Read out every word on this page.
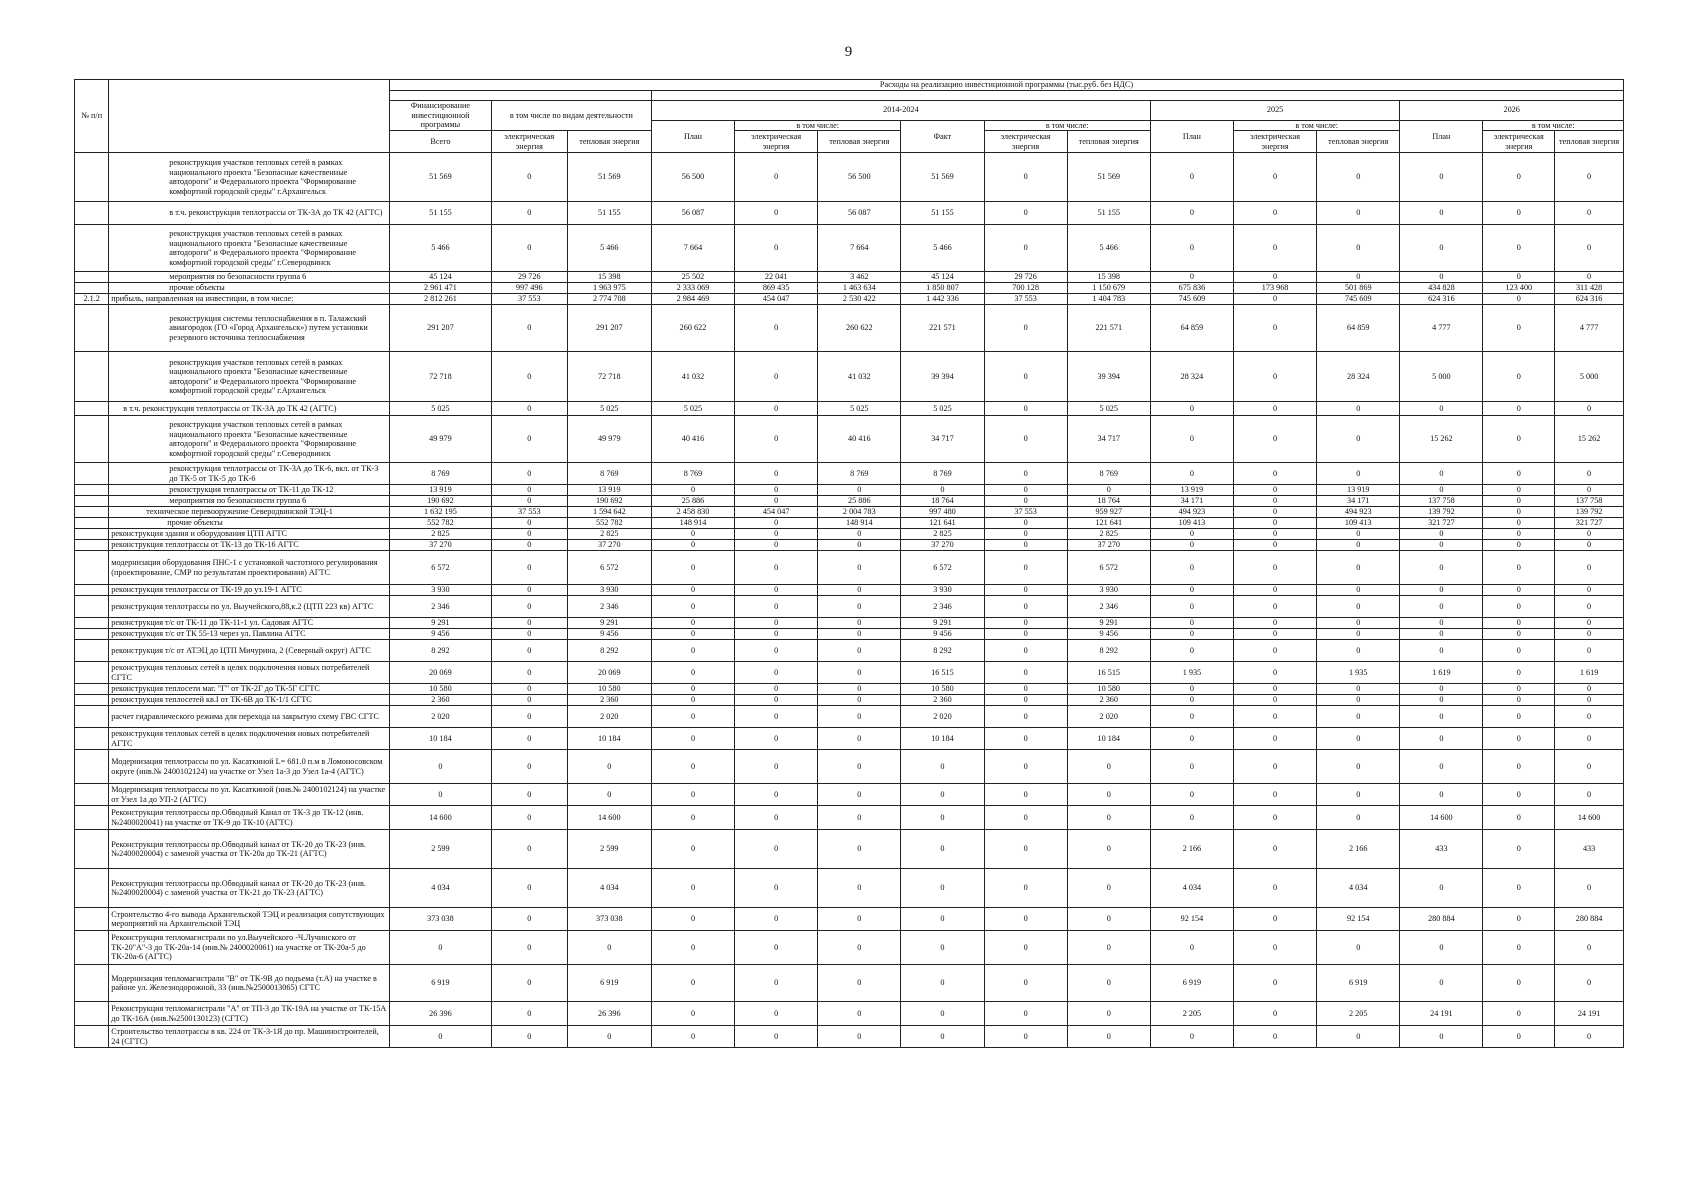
9
№ п/п		Расходы на реализацию инвестиционной программы (тыс.руб. без НДС)														

		Финансирование инвестиционной программы	в том числе по видам деятельности		2014-2024						2025			2026		
					План	в том числе:		Факт	в том числе:		План	в том числе:		План	в том числе:	
		Всего	электрическая энергия	тепловая энергия		электрическая энергия	тепловая энергия		электрическая энергия	тепловая энергия		электрическая энергия	тепловая энергия		электрическая энергия	тепловая энергия
	реконструкция участков тепловых сетей в рамках национального проекта "Безопасные качественные автодороги" и Федерального проекта "Формирование комфортной городской среды" г.Архангельск	51 569	0	51 569	56 500	0	56 500	51 569	0	51 569	0	0	0	0	0	0
	в т.ч. реконструкция теплотрассы от ТК-3А до ТК 42 (АГТС)	51 155	0	51 155	56 087	0	56 087	51 155	0	51 155	0	0	0	0	0	0
	реконструкция участков тепловых сетей в рамках национального проекта "Безопасные качественные автодороги" и Федерального проекта "Формирование комфортной городской среды" г.Северодвинск	5 466	0	5 466	7 664	0	7 664	5 466	0	5 466	0	0	0	0	0	0
	мероприятия по безопасности группа 6	45 124	29 726	15 398	25 502	22 041	3 462	45 124	29 726	15 398	0	0	0	0	0	0
	прочие объекты	2 961 471	997 496	1 963 975	2 333 069	869 435	1 463 634	1 850 807	700 128	1 150 679	675 836	173 968	501 869	434 828	123 400	311 428
2.1.2	прибыль, направленная на инвестиции, в том числе:	2 812 261	37 553	2 774 708	2 984 469	454 047	2 530 422	1 442 336	37 553	1 404 783	745 609	0	745 609	624 316	0	624 316
	реконструкция системы теплоснабжения в п. Талажский авиагородок (ГО «Город Архангельск») путем установки резервного источника теплоснабжения	291 207	0	291 207	260 622	0	260 622	221 571	0	221 571	64 859	0	64 859	4 777	0	4 777
	реконструкция участков тепловых сетей в рамках национального проекта "Безопасные качественные автодороги" и Федерального проекта "Формирование комфортной городской среды" г.Архангельск	72 718	0	72 718	41 032	0	41 032	39 394	0	39 394	28 324	0	28 324	5 000	0	5 000
	в т.ч. реконструкция теплотрассы от ТК-3А до ТК 42 (АГТС)	5 025	0	5 025	5 025	0	5 025	5 025	0	5 025	0	0	0	0	0	0
	реконструкция участков тепловых сетей в рамках национального проекта "Безопасные качественные автодороги" и Федерального проекта "Формирование комфортной городской среды" г.Северодвинск	49 979	0	49 979	40 416	0	40 416	34 717	0	34 717	0	0	0	15 262	0	15 262
	реконструкция теплотрассы от ТК-3А до ТК-6, вкл. от ТК-3 до ТК-5 от ТК-5 до ТК-6	8 769	0	8 769	8 769	0	8 769	8 769	0	8 769	0	0	0	0	0	0
	реконструкция теплотрассы от ТК-11 до ТК-12	13 919	0	13 919	0	0	0	0	0	0	13 919	0	13 919	0	0	0
	мероприятия по безопасности группа 6	190 692	0	190 692	25 886	0	25 886	18 764	0	18 764	34 171	0	34 171	137 758	0	137 758
	техническое перевооружение Северодвинской ТЭЦ-1	1 632 195	37 553	1 594 642	2 458 830	454 047	2 004 783	997 480	37 553	959 927	494 923	0	494 923	139 792	0	139 792
	прочие объекты	552 782	0	552 782	148 914	0	148 914	121 641	0	121 641	109 413	0	109 413	321 727	0	321 727
	реконструкция здания и оборудования ЦТП АГТС	2 825	0	2 825	0	0	0	2 825	0	2 825	0	0	0	0	0	0
	реконструкция теплотрассы от ТК-13 до ТК-16 АГТС	37 270	0	37 270	0	0	0	37 270	0	37 270	0	0	0	0	0	0
	модернизация оборудования ПНС-1 с установкой частотного регулирования (проектирование, СМР по результатам проектирования) АГТС	6 572	0	6 572	0	0	0	6 572	0	6 572	0	0	0	0	0	0
	реконструкция теплотрассы от ТК-19 до уз.19-1 АГТС	3 930	0	3 930	0	0	0	3 930	0	3 930	0	0	0	0	0	0
	реконструкция теплотрассы по ул. Выучейского,88,к.2 (ЦТП 223 кв) АГТС	2 346	0	2 346	0	0	0	2 346	0	2 346	0	0	0	0	0	0
	реконструкция т/с от ТК-11 до ТК-11-1 ул. Садовая АГТС	9 291	0	9 291	0	0	0	9 291	0	9 291	0	0	0	0	0	0
	реконструкция т/с от ТК 55-13 через ул. Павлина АГТС	9 456	0	9 456	0	0	0	9 456	0	9 456	0	0	0	0	0	0
	реконструкция т/с от АТЭЦ до ЦТП Мичурина, 2 (Северный округ) АГТС	8 292	0	8 292	0	0	0	8 292	0	8 292	0	0	0	0	0	0
	реконструкция тепловых сетей в целях подключения новых потребителей СГТС	20 069	0	20 069	0	0	0	16 515	0	16 515	1 935	0	1 935	1 619	0	1 619
	реконструкция теплосети маг. "Г" от ТК-2Г до ТК-5Г СГТС	10 580	0	10 580	0	0	0	10 580	0	10 580	0	0	0	0	0	0
	реконструкция теплосетей кв.I от ТК-6В до ТК-1/1 СГТС	2 360	0	2 360	0	0	0	2 360	0	2 360	0	0	0	0	0	0
	расчет гидравлического режима для перехода на закрытую схему ГВС СГТС	2 020	0	2 020	0	0	0	2 020	0	2 020	0	0	0	0	0	0
	реконструкция тепловых сетей в целях подключения новых потребителей АГТС	10 184	0	10 184	0	0	0	10 184	0	10 184	0	0	0	0	0	0
	Модернизация теплотрассы по ул. Касаткиной L= 681.0 п.м в Ломоносовском округе (инв.№ 2400102124) на участке от Узел 1а-3 до Узел 1а-4 (АГТС)	0	0	0	0	0	0	0	0	0	0	0	0	0	0	0
	Модернизация теплотрассы по ул. Касаткиной (инв.№ 2400102124) на участке от Узел 1а до УП-2 (АГТС)	0	0	0	0	0	0	0	0	0	0	0	0	0	0	0
	Реконструкция теплотрассы пр.Обводный Канал от ТК-3 до ТК-12 (инв.№2400020041) на участке от ТК-9 до ТК-10 (АГТС)	14 600	0	14 600	0	0	0	0	0	0	0	0	0	14 600	0	14 600
	Реконструкция теплотрассы пр.Обводный канал от ТК-20 до ТК-23 (инв.№2400020004) с заменой участка от ТК-20а до ТК-21 (АГТС)	2 599	0	2 599	0	0	0	0	0	0	2 166	0	2 166	433	0	433
	Реконструкция теплотрассы пр.Обводный канал от ТК-20 до ТК-23 (инв.№2400020004) с заменой участка от ТК-21 до ТК-23 (АГТС)	4 034	0	4 034	0	0	0	0	0	0	4 034	0	4 034	0	0	0
	Строительство 4-го вывода Архангельской ТЭЦ и реализация сопутствующих мероприятий на Архангельской ТЭЦ	373 038	0	373 038	0	0	0	0	0	0	92 154	0	92 154	280 884	0	280 884
	Реконструкция тепломагистрали по ул.Выучейского -Ч.Лучинского от ТК-20"А"-3 до ТК-20а-14 (инв.№ 2400020061) на участке от ТК-20а-5 до ТК-20а-6 (АГТС)	0	0	0	0	0	0	0	0	0	0	0	0	0	0	0
	Модернизация тепломагистрали "В" от ТК-9В до подъема (т.А) на участке в районе ул. Железнодорожной, 33 (инв.№2500013065) СГТС	6 919	0	6 919	0	0	0	0	0	0	6 919	0	6 919	0	0	0
	Реконструкция тепломагистрали "А" от ТП-3 до ТК-19А на участке от ТК-15А до ТК-16А (инв.№2500130123) (СГТС)	26 396	0	26 396	0	0	0	0	0	0	2 205	0	2 205	24 191	0	24 191
	Строительство теплотрассы в кв. 224 от ТК-3-1Я до пр. Машиностроителей, 24 (СГТС)	0	0	0	0	0	0	0	0	0	0	0	0	0	0	0
